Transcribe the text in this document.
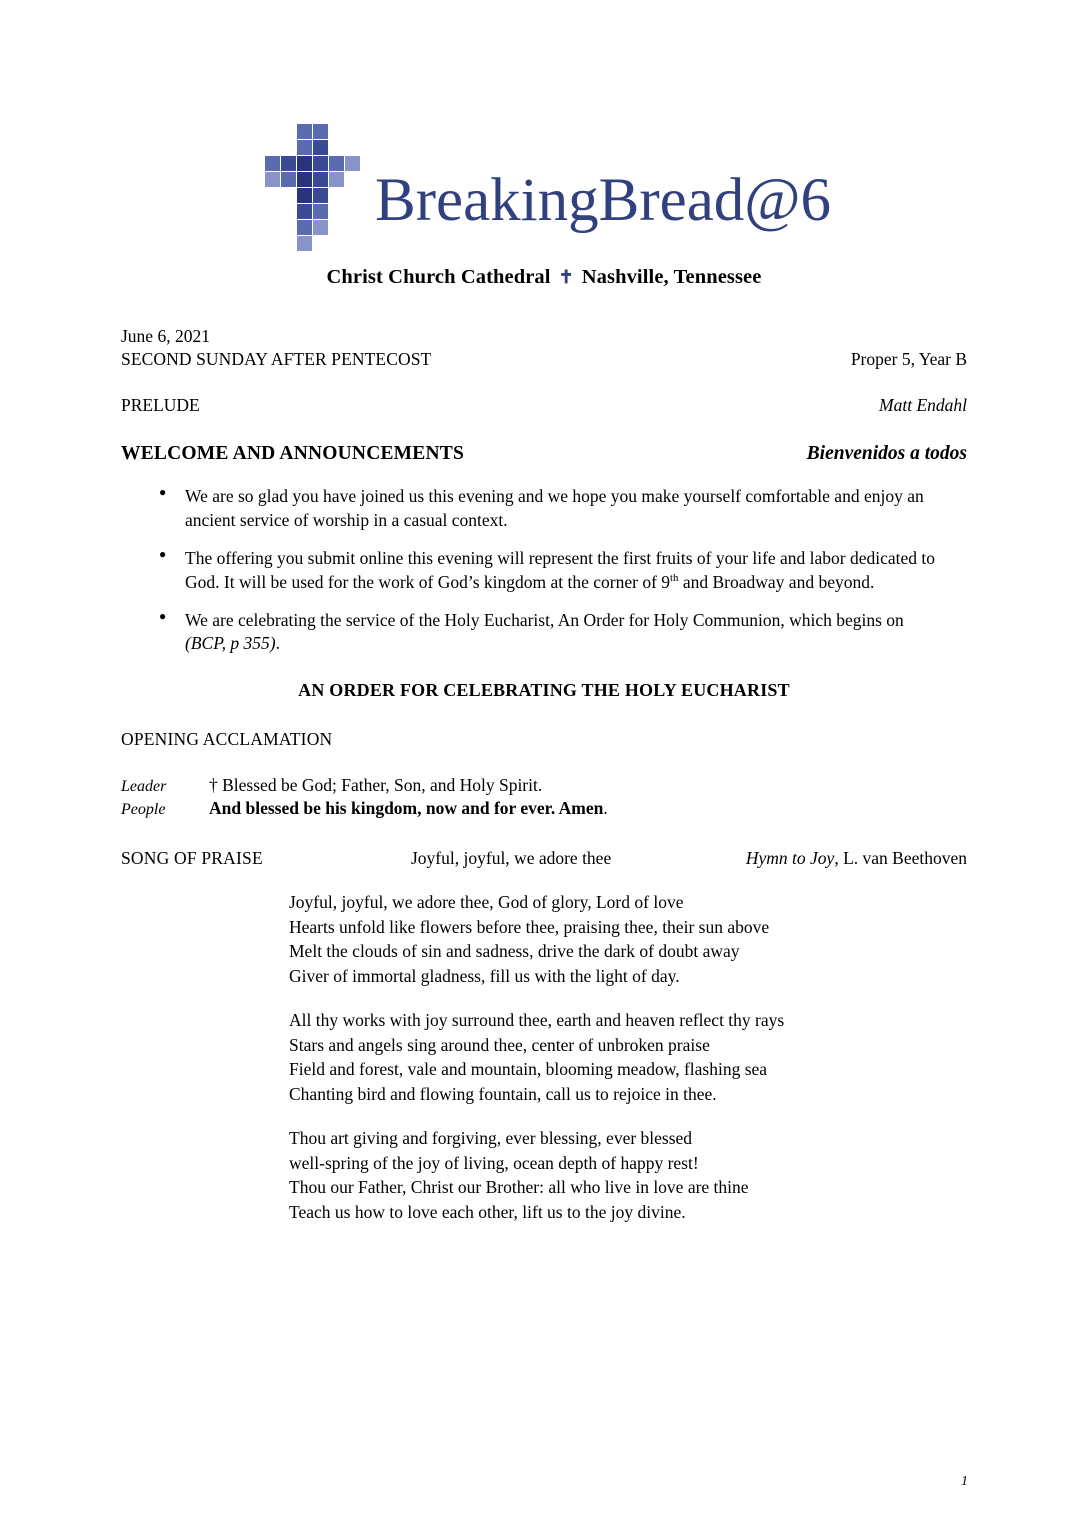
BreakingBread@6
Christ Church Cathedral ✝ Nashville, Tennessee
June 6, 2021
SECOND SUNDAY AFTER PENTECOST	Proper 5, Year B
PRELUDE	Matt Endahl
WELCOME AND ANNOUNCEMENTS	Bienvenidos a todos
● We are so glad you have joined us this evening and we hope you make yourself comfortable and enjoy an ancient service of worship in a casual context.
● The offering you submit online this evening will represent the first fruits of your life and labor dedicated to God. It will be used for the work of God’s kingdom at the corner of 9th and Broadway and beyond.
● We are celebrating the service of the Holy Eucharist, An Order for Holy Communion, which begins on
(BCP, p 355).
AN ORDER FOR CELEBRATING THE HOLY EUCHARIST
OPENING ACCLAMATION
Leader	† Blessed be God; Father, Son, and Holy Spirit.
People	And blessed be his kingdom, now and for ever. Amen.
SONG OF PRAISE	Joyful, joyful, we adore thee	Hymn to Joy, L. van Beethoven
Joyful, joyful, we adore thee, God of glory, Lord of love
Hearts unfold like flowers before thee, praising thee, their sun above
Melt the clouds of sin and sadness, drive the dark of doubt away
Giver of immortal gladness, fill us with the light of day.
All thy works with joy surround thee, earth and heaven reflect thy rays
Stars and angels sing around thee, center of unbroken praise
Field and forest, vale and mountain, blooming meadow, flashing sea
Chanting bird and flowing fountain, call us to rejoice in thee.
Thou art giving and forgiving, ever blessing, ever blessed
well-spring of the joy of living, ocean depth of happy rest!
Thou our Father, Christ our Brother: all who live in love are thine
Teach us how to love each other, lift us to the joy divine.
1
